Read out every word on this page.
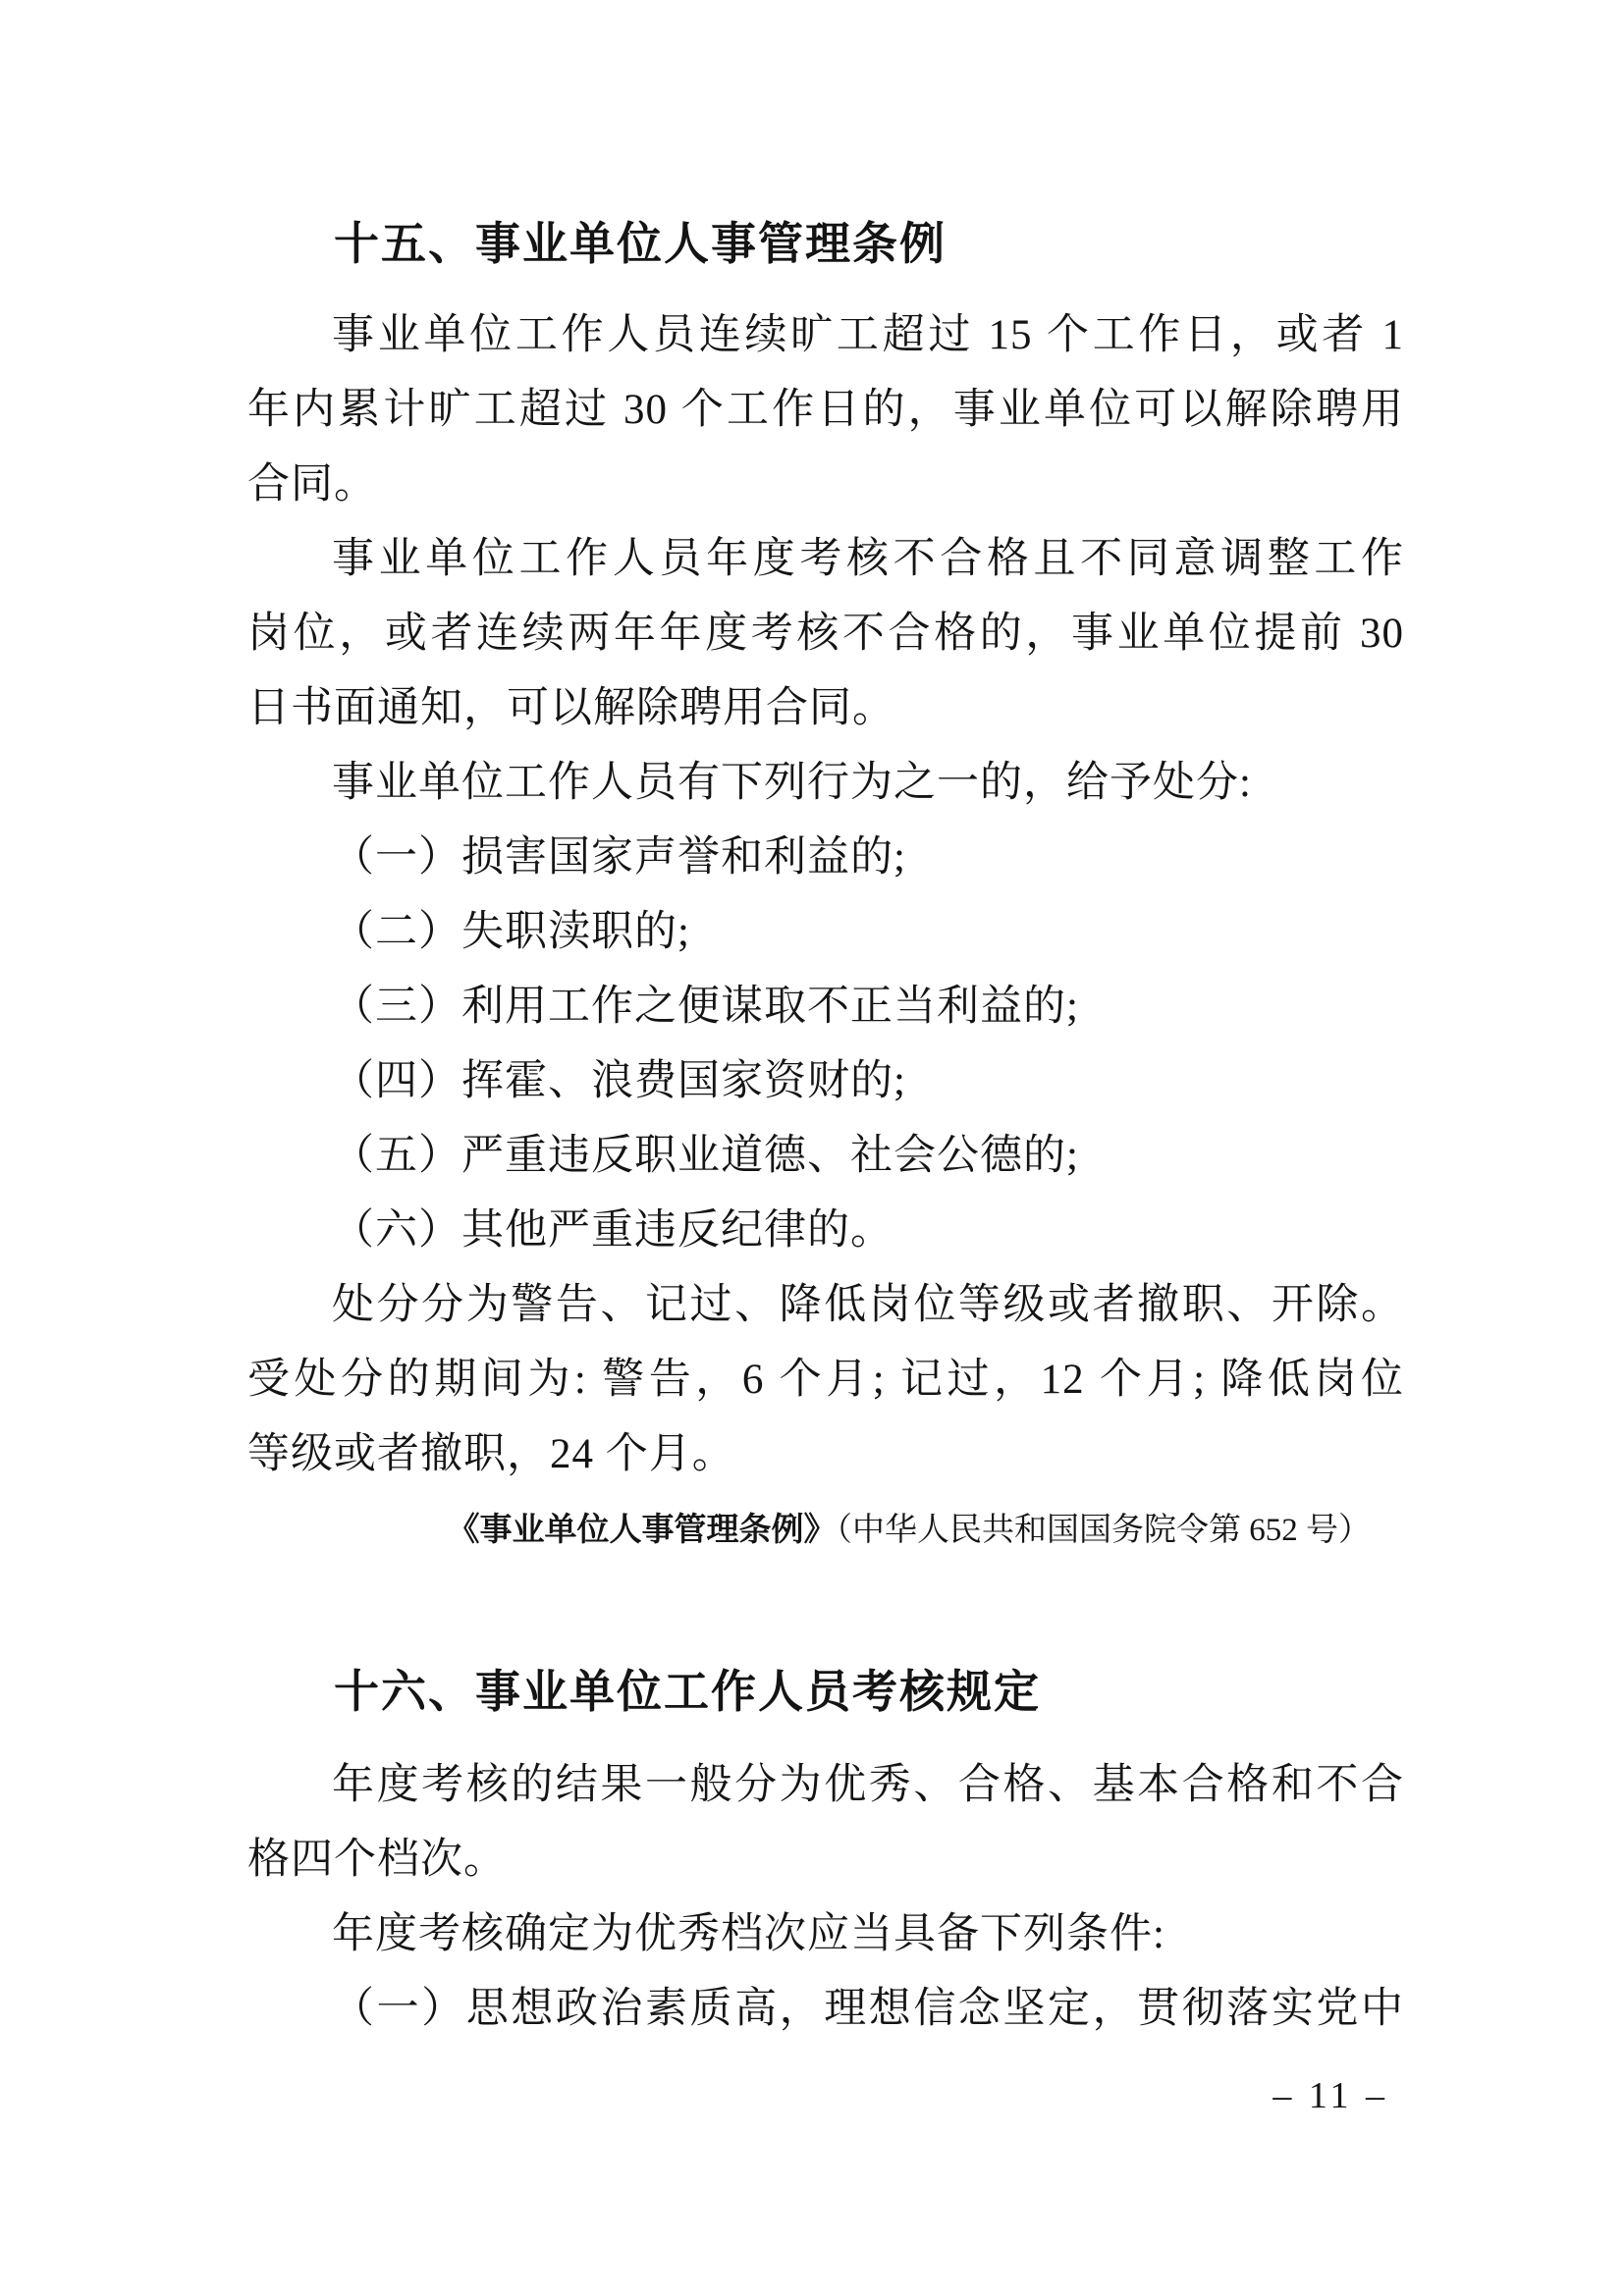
十五、事业单位人事管理条例
事业单位工作人员连续旷工超过 15 个工作日，或者 1
年内累计旷工超过 30 个工作日的，事业单位可以解除聘用
合同。
事业单位工作人员年度考核不合格且不同意调整工作
岗位，或者连续两年年度考核不合格的，事业单位提前 30
日书面通知，可以解除聘用合同。
事业单位工作人员有下列行为之一的，给予处分:
（一）损害国家声誉和利益的;
（二）失职渎职的;
（三）利用工作之便谋取不正当利益的;
（四）挥霍、浪费国家资财的;
（五）严重违反职业道德、社会公德的;
（六）其他严重违反纪律的。
处分分为警告、记过、降低岗位等级或者撤职、开除。
受处分的期间为: 警告，6 个月; 记过，12 个月; 降低岗位
等级或者撤职，24 个月。
《事业单位人事管理条例》（中华人民共和国国务院令第 652 号）
十六、事业单位工作人员考核规定
年度考核的结果一般分为优秀、合格、基本合格和不合
格四个档次。
年度考核确定为优秀档次应当具备下列条件:
（一）思想政治素质高，理想信念坚定，贯彻落实党中
– 11 –
